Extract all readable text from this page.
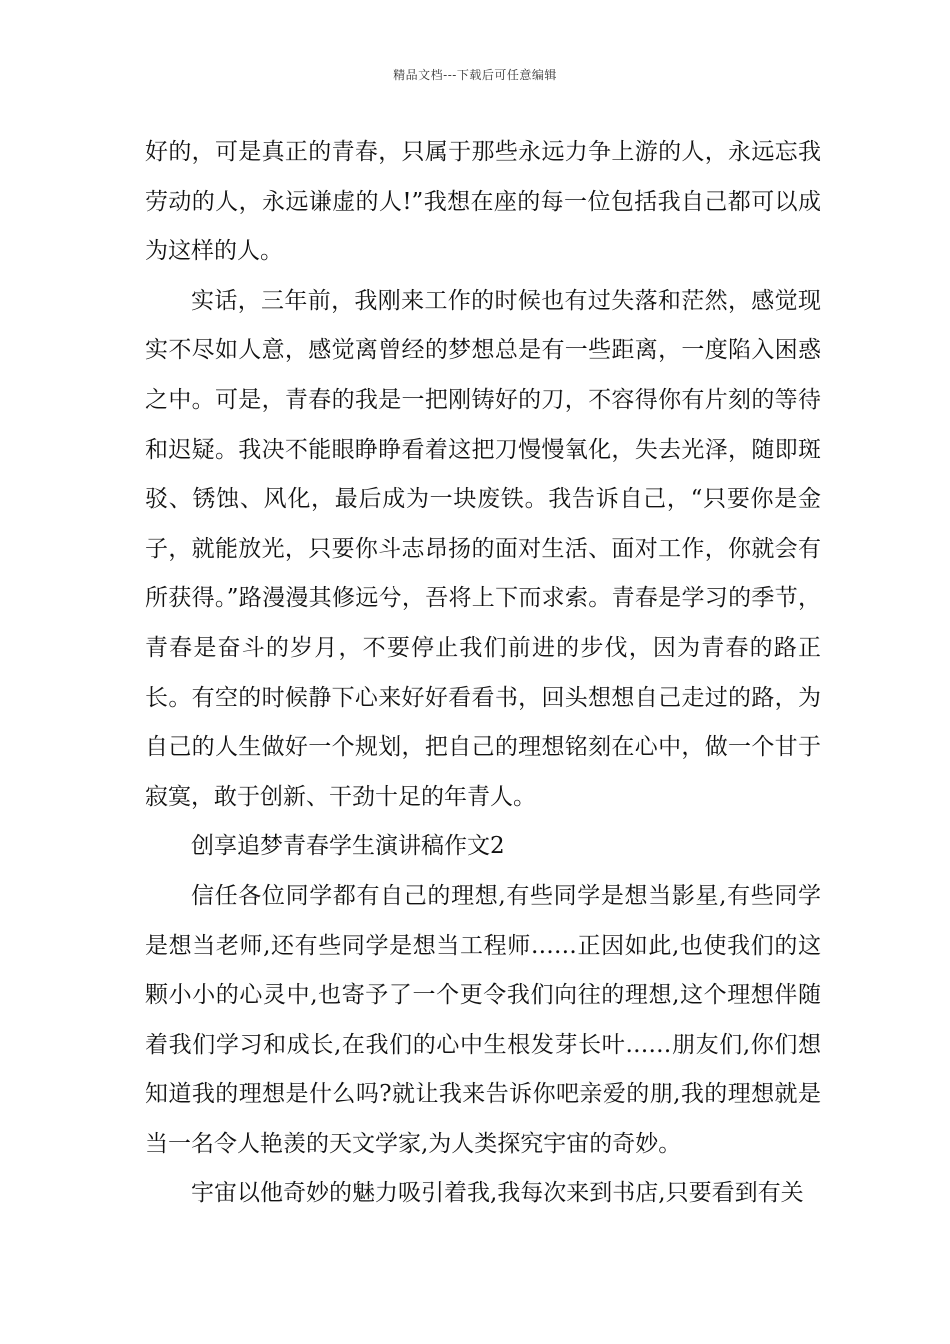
精品文档---下载后可任意编辑

好的，可是真正的青春，只属于那些永远力争上游的人，永远忘我劳动的人，永远谦虚的人!”我想在座的每一位包括我自己都可以成为这样的人。

实话，三年前，我刚来工作的时候也有过失落和茫然，感觉现实不尽如人意，感觉离曾经的梦想总是有一些距离，一度陷入困惑之中。可是，青春的我是一把刚铸好的刀，不容得你有片刻的等待和迟疑。我决不能眼睁睁看着这把刀慢慢氧化，失去光泽，随即斑驳、锈蚀、风化，最后成为一块废铁。我告诉自己，“只要你是金子，就能放光，只要你斗志昂扬的面对生活、面对工作，你就会有所获得。”路漫漫其修远兮，吾将上下而求索。青春是学习的季节，青春是奋斗的岁月，不要停止我们前进的步伐，因为青春的路正长。有空的时候静下心来好好看看书，回头想想自己走过的路，为自己的人生做好一个规划，把自己的理想铭刻在心中，做一个甘于寂寞，敢于创新、干劲十足的年青人。

创享追梦青春学生演讲稿作文2

信任各位同学都有自己的理想,有些同学是想当影星,有些同学是想当老师,还有些同学是想当工程师……正因如此,也使我们的这颗小小的心灵中,也寄予了一个更令我们向往的理想,这个理想伴随着我们学习和成长,在我们的心中生根发芽长叶……朋友们,你们想知道我的理想是什么吗?就让我来告诉你吧亲爱的朋,我的理想就是当一名令人艳羡的天文学家,为人类探究宇宙的奇妙。

宇宙以他奇妙的魅力吸引着我,我每次来到书店,只要看到有关
